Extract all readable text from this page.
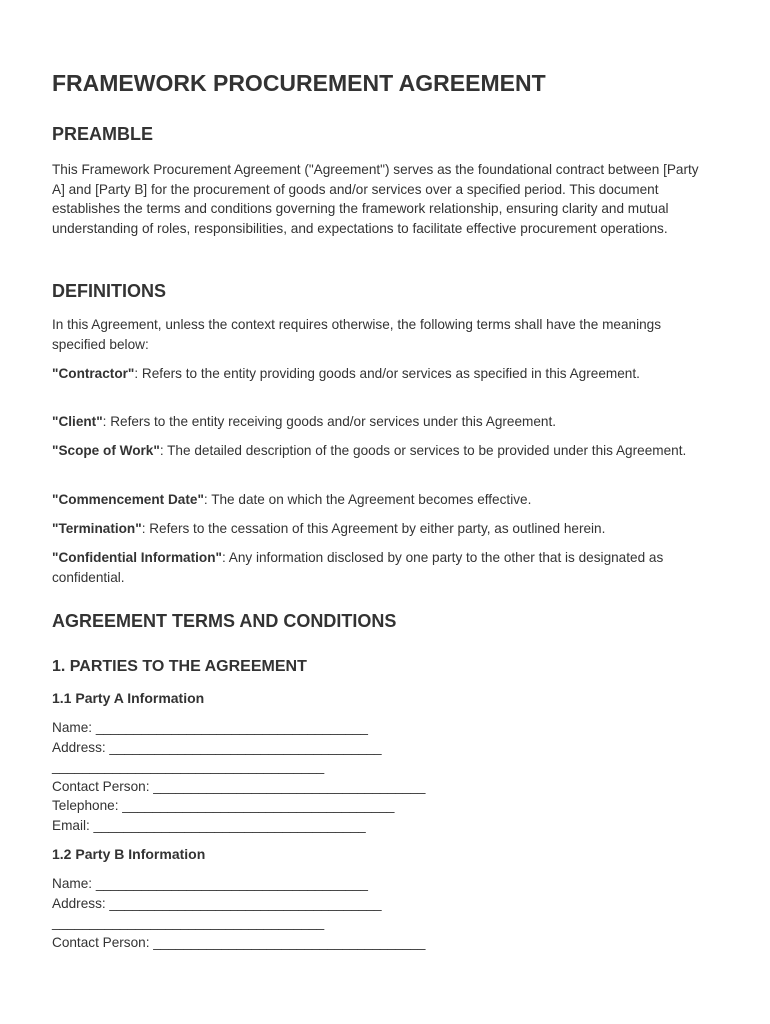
FRAMEWORK PROCUREMENT AGREEMENT
PREAMBLE

This Framework Procurement Agreement ("Agreement") serves as the foundational contract between [Party A] and [Party B] for the procurement of goods and/or services over a specified period. This document establishes the terms and conditions governing the framework relationship, ensuring clarity and mutual understanding of roles, responsibilities, and expectations to facilitate effective procurement operations.

DEFINITIONS

In this Agreement, unless the context requires otherwise, the following terms shall have the meanings specified below:

"Contractor": Refers to the entity providing goods and/or services as specified in this Agreement.

"Client": Refers to the entity receiving goods and/or services under this Agreement.

"Scope of Work": The detailed description of the goods or services to be provided under this Agreement.

"Commencement Date": The date on which the Agreement becomes effective.

"Termination": Refers to the cessation of this Agreement by either party, as outlined herein.

"Confidential Information": Any information disclosed by one party to the other that is designated as confidential.

AGREEMENT TERMS AND CONDITIONS
1. PARTIES TO THE AGREEMENT
1.1 Party A Information

Name: ____________________________________

Address: ____________________________________

____________________________________

Contact Person: ____________________________________

Telephone: ____________________________________

Email: ____________________________________

1.2 Party B Information

Name: ____________________________________

Address: ____________________________________

____________________________________

Contact Person: ____________________________________
